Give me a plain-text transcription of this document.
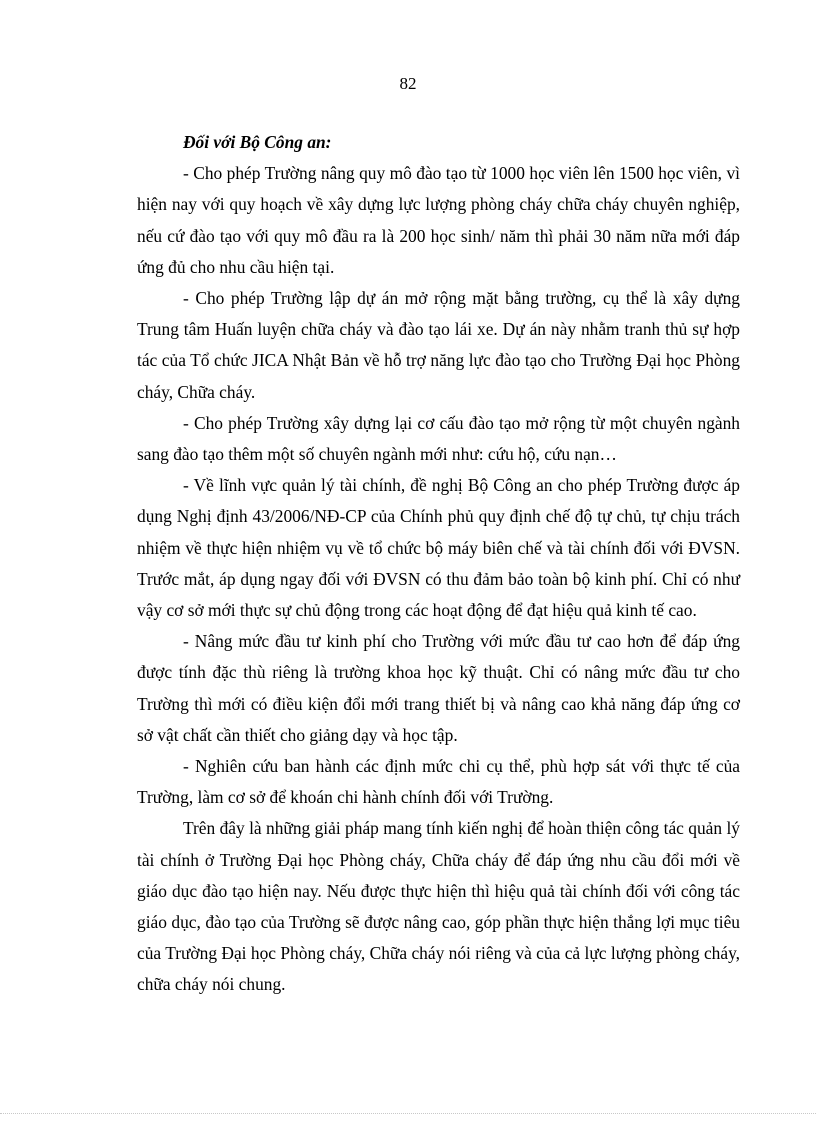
82

Đối với Bộ Công an:

- Cho phép Trường nâng quy mô đào tạo từ 1000 học viên lên 1500 học viên, vì hiện nay với quy hoạch về xây dựng lực lượng phòng cháy chữa cháy chuyên nghiệp, nếu cứ đào tạo với quy mô đầu ra là 200 học sinh/ năm thì phải 30 năm nữa mới đáp ứng đủ cho nhu cầu hiện tại.

- Cho phép Trường lập dự án mở rộng mặt bằng trường, cụ thể là xây dựng Trung tâm Huấn luyện chữa cháy và đào tạo lái xe. Dự án này nhằm tranh thủ sự hợp tác của Tổ chức JICA Nhật Bản về hỗ trợ năng lực đào tạo cho Trường Đại học Phòng cháy, Chữa cháy.

- Cho phép Trường xây dựng lại cơ cấu đào tạo mở rộng từ một chuyên ngành sang đào tạo thêm một số chuyên ngành mới như: cứu hộ, cứu nạn…

- Về lĩnh vực quản lý tài chính, đề nghị Bộ Công an cho phép Trường được áp dụng Nghị định 43/2006/NĐ-CP của Chính phủ quy định chế độ tự chủ, tự chịu trách nhiệm về thực hiện nhiệm vụ về tổ chức bộ máy biên chế và tài chính đối với ĐVSN. Trước mắt, áp dụng ngay đối với ĐVSN có thu đảm bảo toàn bộ kinh phí. Chỉ có như vậy cơ sở mới thực sự chủ động trong các hoạt động để đạt hiệu quả kinh tế cao.

- Nâng mức đầu tư kinh phí cho Trường với mức đầu tư cao hơn để đáp ứng được tính đặc thù riêng là trường khoa học kỹ thuật. Chỉ có nâng mức đầu tư cho Trường thì mới có điều kiện đổi mới trang thiết bị và nâng cao khả năng đáp ứng cơ sở vật chất cần thiết cho giảng dạy và học tập.

- Nghiên cứu ban hành các định mức chi cụ thể, phù hợp sát với thực tế của Trường, làm cơ sở để khoán chi hành chính đối với Trường.

Trên đây là những giải pháp mang tính kiến nghị để hoàn thiện công tác quản lý tài chính ở Trường Đại học Phòng cháy, Chữa cháy để đáp ứng nhu cầu đổi mới về giáo dục đào tạo hiện nay. Nếu được thực hiện thì hiệu quả tài chính đối với công tác giáo dục, đào tạo của Trường sẽ được nâng cao, góp phần thực hiện thắng lợi mục tiêu của Trường Đại học Phòng cháy, Chữa cháy nói riêng và của cả lực lượng phòng cháy, chữa cháy nói chung.
